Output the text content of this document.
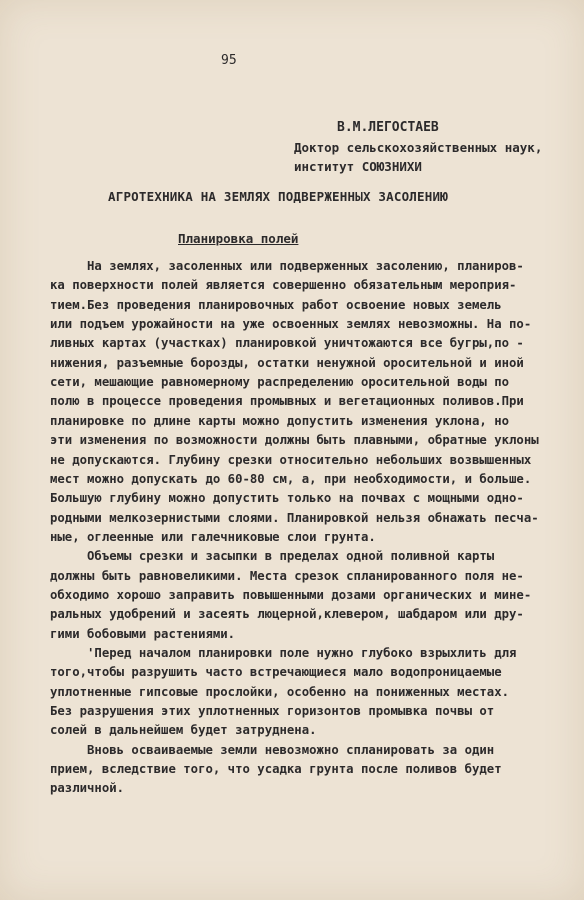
95
В.М.ЛЕГОСТАЕВ
Доктор сельскохозяйственных наук,
институт СОЮЗНИХИ
АГРОТЕХНИКА НА ЗЕМЛЯХ ПОДВЕРЖЕННЫХ ЗАСОЛЕНИЮ
Планировка полей
На землях, засоленных или подверженных засолению, планиров-
ка поверхности полей является совершенно обязательным мероприя-
тием.Без проведения планировочных работ освоение новых земель
или подъем урожайности на уже освоенных землях невозможны. На по-
ливных картах (участках) планировкой уничтожаются все бугры,по -
нижения, разъемные борозды, остатки ненужной оросительной и иной
сети, мешающие равномерному распределению оросительной воды по
полю в процессе проведения промывных и вегетационных поливов.При
планировке по длине карты можно допустить изменения уклона, но
эти изменения по возможности должны быть плавными, обратные уклоны
не допускаются. Глубину срезки относительно небольших возвышенных
мест можно допускать до 60-80 см, а, при необходимости, и больше.
Большую глубину можно допустить только на почвах с мощными одно-
родными мелкозернистыми слоями. Планировкой нельзя обнажать песча-
ные, оглеенные или галечниковые слои грунта.
Объемы срезки и засыпки в пределах одной поливной карты
должны быть равновеликими. Места срезок спланированного поля не-
обходимо хорошо заправить повышенными дозами органических и мине-
ральных удобрений и засеять люцерной,клевером, шабдаром или дру-
гими бобовыми растениями.
'Перед началом планировки поле нужно глубоко взрыхлить для
того,чтобы разрушить часто встречающиеся мало водопроницаемые
уплотненные гипсовые прослойки, особенно на пониженных местах.
Без разрушения этих уплотненных горизонтов промывка почвы от
солей в дальнейшем будет затруднена.
Вновь осваиваемые земли невозможно спланировать за один
прием, вследствие того, что усадка грунта после поливов будет
различной.
